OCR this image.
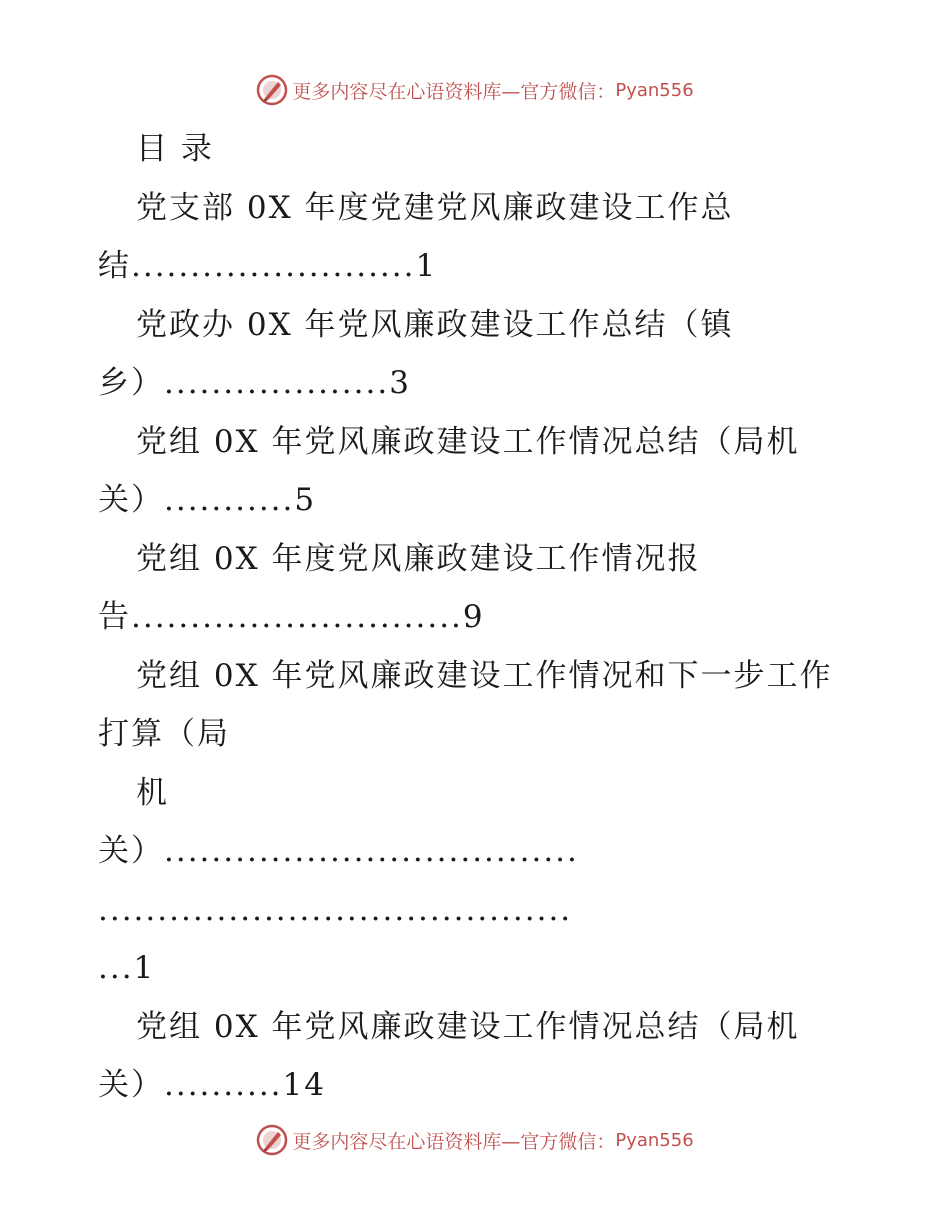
更多内容尽在心语资料库—官方微信： Pyan556
目 录
党支部 0X 年度党建党风廉政建设工作总
结........................1
党政办 0X 年党风廉政建设工作总结（镇
乡）...................3
党组 0X 年党风廉政建设工作情况总结（局机
关）...........5
党组 0X 年度党风廉政建设工作情况报
告............................9
党组 0X 年党风廉政建设工作情况和下一步工作
打算（局
机
关）...................................
........................................
...1
党组 0X 年党风廉政建设工作情况总结（局机
关）..........14
更多内容尽在心语资料库—官方微信： Pyan556
